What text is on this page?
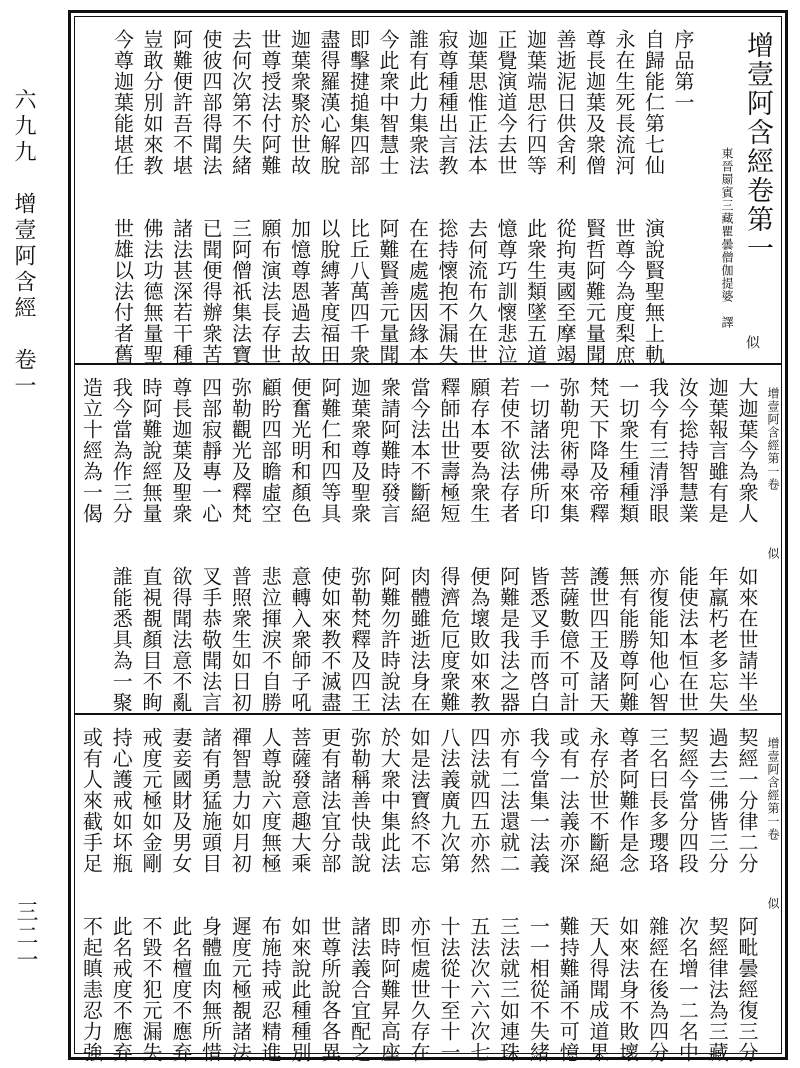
六九九　增壹阿含經　卷一
三二一
增壹阿含經卷第一
東晉罽賓三藏瞿曇僧伽提婆　譯
似
序品第一
自歸能仁第七仙　　演說賢聖無上軌
永在生死長流河　　世尊今為度梨庶
尊長迦葉及衆僧　　賢哲阿難元量聞
善逝泥日供舍利　　從拘夷國至摩竭
迦葉端思行四等　　此衆生類墜五道
正覺演道今去世　　憶尊巧訓懷悲泣
迦葉思惟正法本　　去何流布久在世
寂尊種種出言教　　捴持懷抱不漏失
誰有此力集衆法　　在在處處因緣本
今此衆中智慧士　　阿難賢善元量聞
即擊揵搥集四部　　比丘八萬四千衆
盡得羅漢心解脫　　以脫縛著度福田
迦葉衆聚於世故　　加憶尊恩過去故
世尊授法付阿難　　願布演法長存世
去何次第不失緒　　三阿僧祇集法寶
使彼四部得聞法　　已聞便得辦衆苦
阿難便許吾不堪　　諸法甚深若干種
豈敢分別如來教　　佛法功德無量聖
今尊迦葉能堪任　　世雄以法付者舊
增壹阿含經第一卷
似
大迦葉今為衆人　　如來在世請半坐
迦葉報言雖有是　　年羸朽老多忘失
汝今捴持智慧業　　能使法本恒在世
我今有三清淨眼　　亦復能知他心智
一切衆生種種類　　無有能勝尊阿難
梵天下降及帝釋　　護世四王及諸天
弥勒兜術尋來集　　菩薩數億不可計
一切諸法佛所印　　皆悉叉手而啓白
若使不欲法存者　　阿難是我法之器
願存本要為衆生　　便為壞敗如來教
釋師出世壽極短　　得濟危厄度衆難
當今法本不斷絕　　肉體雖逝法身在
衆請阿難時發言　　阿難勿許時說法
迦葉衆尊及聖衆　　弥勒梵釋及四王
阿難仁和四等具　　使如來教不滅盡
便奮光明和顏色　　意轉入衆師子吼
顧盻四部瞻虛空　　悲泣揮淚不自勝
弥勒觀光及釋梵　　普照衆生如日初
四部寂靜專一心　　叉手恭敬聞法言
尊長迦葉及聖衆　　欲得聞法意不亂
時阿難說經無量　　直視覩顏目不眴
我今當為作三分　　誰能悉具為一聚
造立十經為一偈
增壹阿含經第一卷
似
契經一分律二分　　阿毗曇經復三分
過去三佛皆三分　　契經律法為三藏
契經今當分四段　　次名增一二名中
三名曰長多瓔珞　　雜經在後為四分
尊者阿難作是念　　如來法身不敗壞
永存於世不斷絕　　天人得聞成道果
或有一法義亦深　　難持難誦不可憶
我今當集一法義　　一一相從不失緒
亦有二法還就二　　三法就三如連珠
四法就四五亦然　　五法次六六次七
八法義廣九次第　　十法從十至十一
如是法寶終不忘　　亦恒處世久存在
於大衆中集此法　　即時阿難昇高座
弥勒稱善快哉說　　諸法義合宜配之
更有諸法宜分部　　世尊所說各各異
菩薩發意趣大乘　　如來說此種種別
人尊說六度無極　　布施持戒忍精進
禪智慧力如月初　　遲度元極覩諸法
諸有勇猛施頭目　　身體血肉無所惜
妻妾國財及男女　　此名檀度不應弃
戒度元極如金剛　　不毀不犯元漏失
持心護戒如坏瓶　　此名戒度不應弃
或有人來截手足　　不起瞋恚忍力強
